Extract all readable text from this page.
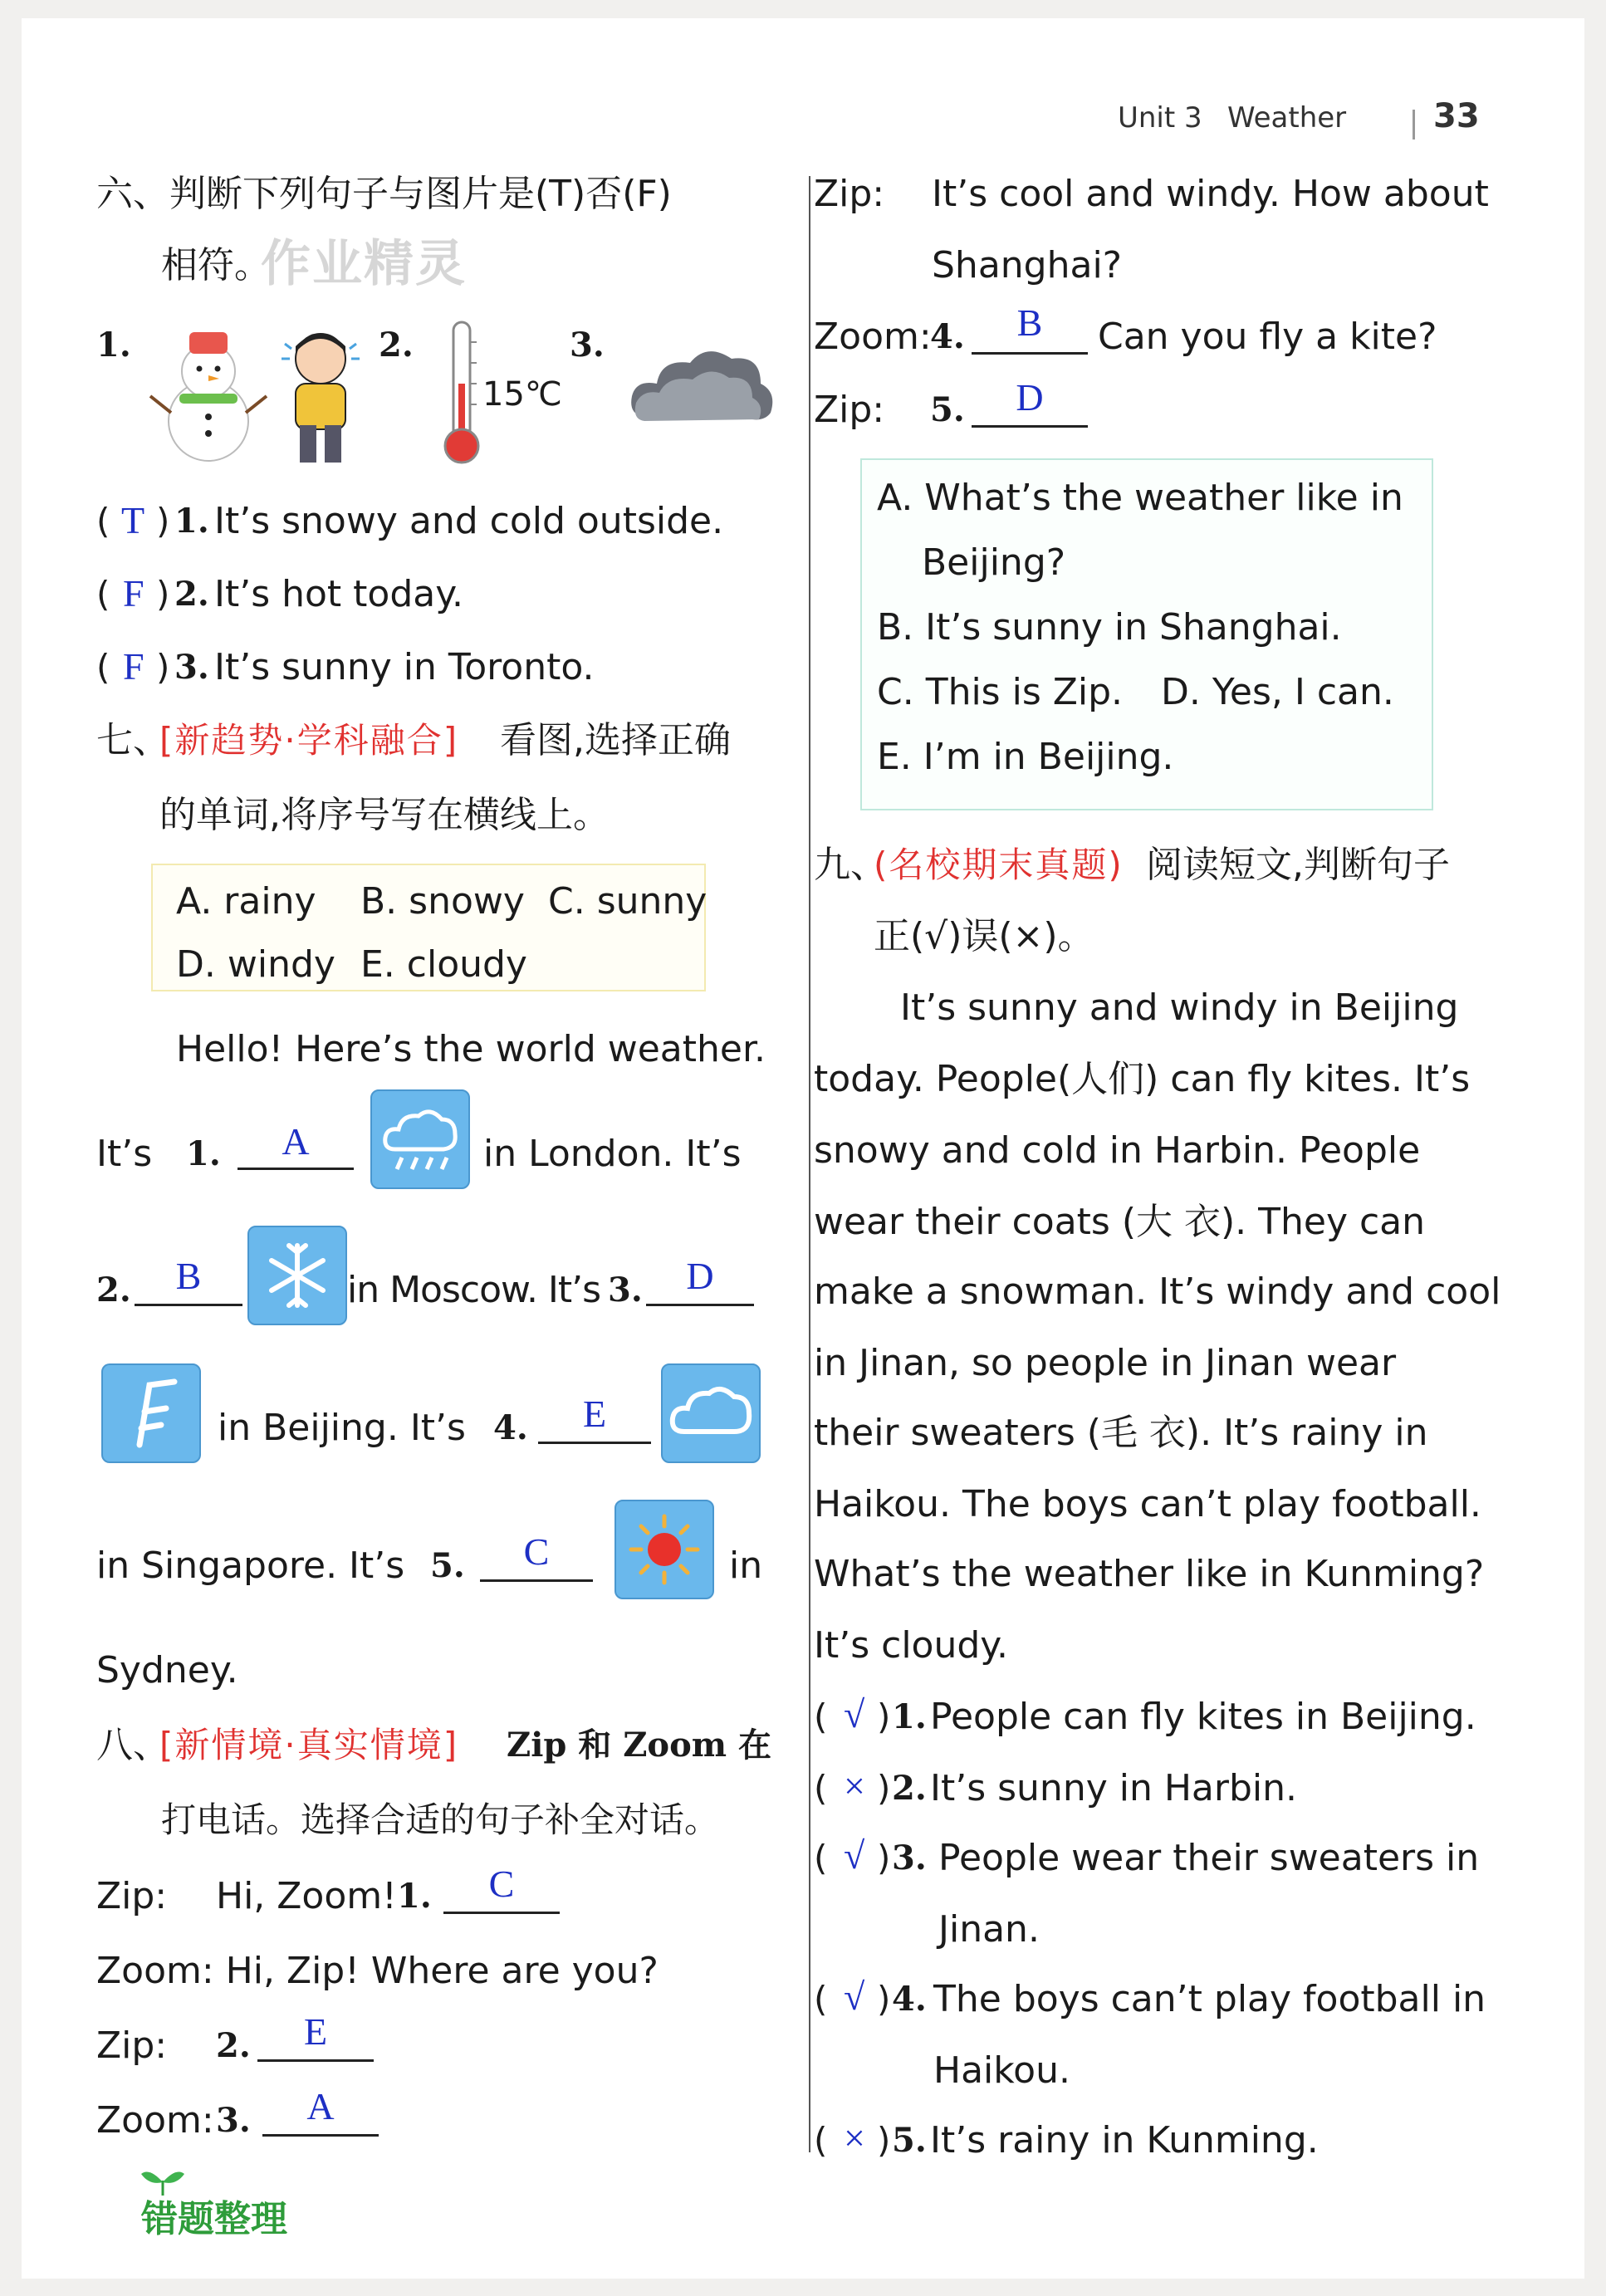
Unit 3 Weather	33
六、判断下列句子与图片是(T)否(F)
相符。
作业精灵
1.	2.	3.
15℃
( T ) 1. It’s snowy and cold outside.
( F ) 2. It’s hot today.
( F ) 3. It’s sunny in Toronto.
七、
[新趋势·学科融合] 看图,选择正确
的单词,将序号写在横线上。
A. rainy B. snowy C. sunny
D. windy E. cloudy
Hello! Here’s the world weather.
It’s 1.	A	in London. It’s
2.	B	in Moscow. It’s 3.	D
in Beijing. It’s 4.	E
in Singapore. It’s 5.	C	in
Sydney.
八、
[新情境·真实情境] Zip 和 Zoom 在
打电话。选择合适的句子补全对话。
Zip: Hi, Zoom! 1.	C
Zoom: Hi, Zip! Where are you?
Zip: 2.	E
Zoom: 3.	A
Zip: It’s cool and windy. How about
Shanghai?
Zoom:
4.	B	Can you fly a kite?
Zip: 5.	D
A. What’s the weather like in
Beijing?
B. It’s sunny in Shanghai.
C. This is Zip. D. Yes, I can.
E. I’m in Beijing.
九、
(名校期末真题) 阅读短文,判断句子
正(√)误(×)。
It’s sunny and windy in Beijing
today. People(人们) can fly kites. It’s
snowy and cold in Harbin. People
wear their coats (大 衣). They can
make a snowman. It’s windy and cool
in Jinan, so people in Jinan wear
their sweaters (毛 衣). It’s rainy in
Haikou. The boys can’t play football.
What’s the weather like in Kunming?
It’s cloudy.
( √ ) 1. People can fly kites in Beijing.
( × ) 2. It’s sunny in Harbin.
( √ ) 3. People wear their sweaters in
Jinan.
( √ ) 4. The boys can’t play football in
Haikou.
( × ) 5. It’s rainy in Kunming.
错题整理
